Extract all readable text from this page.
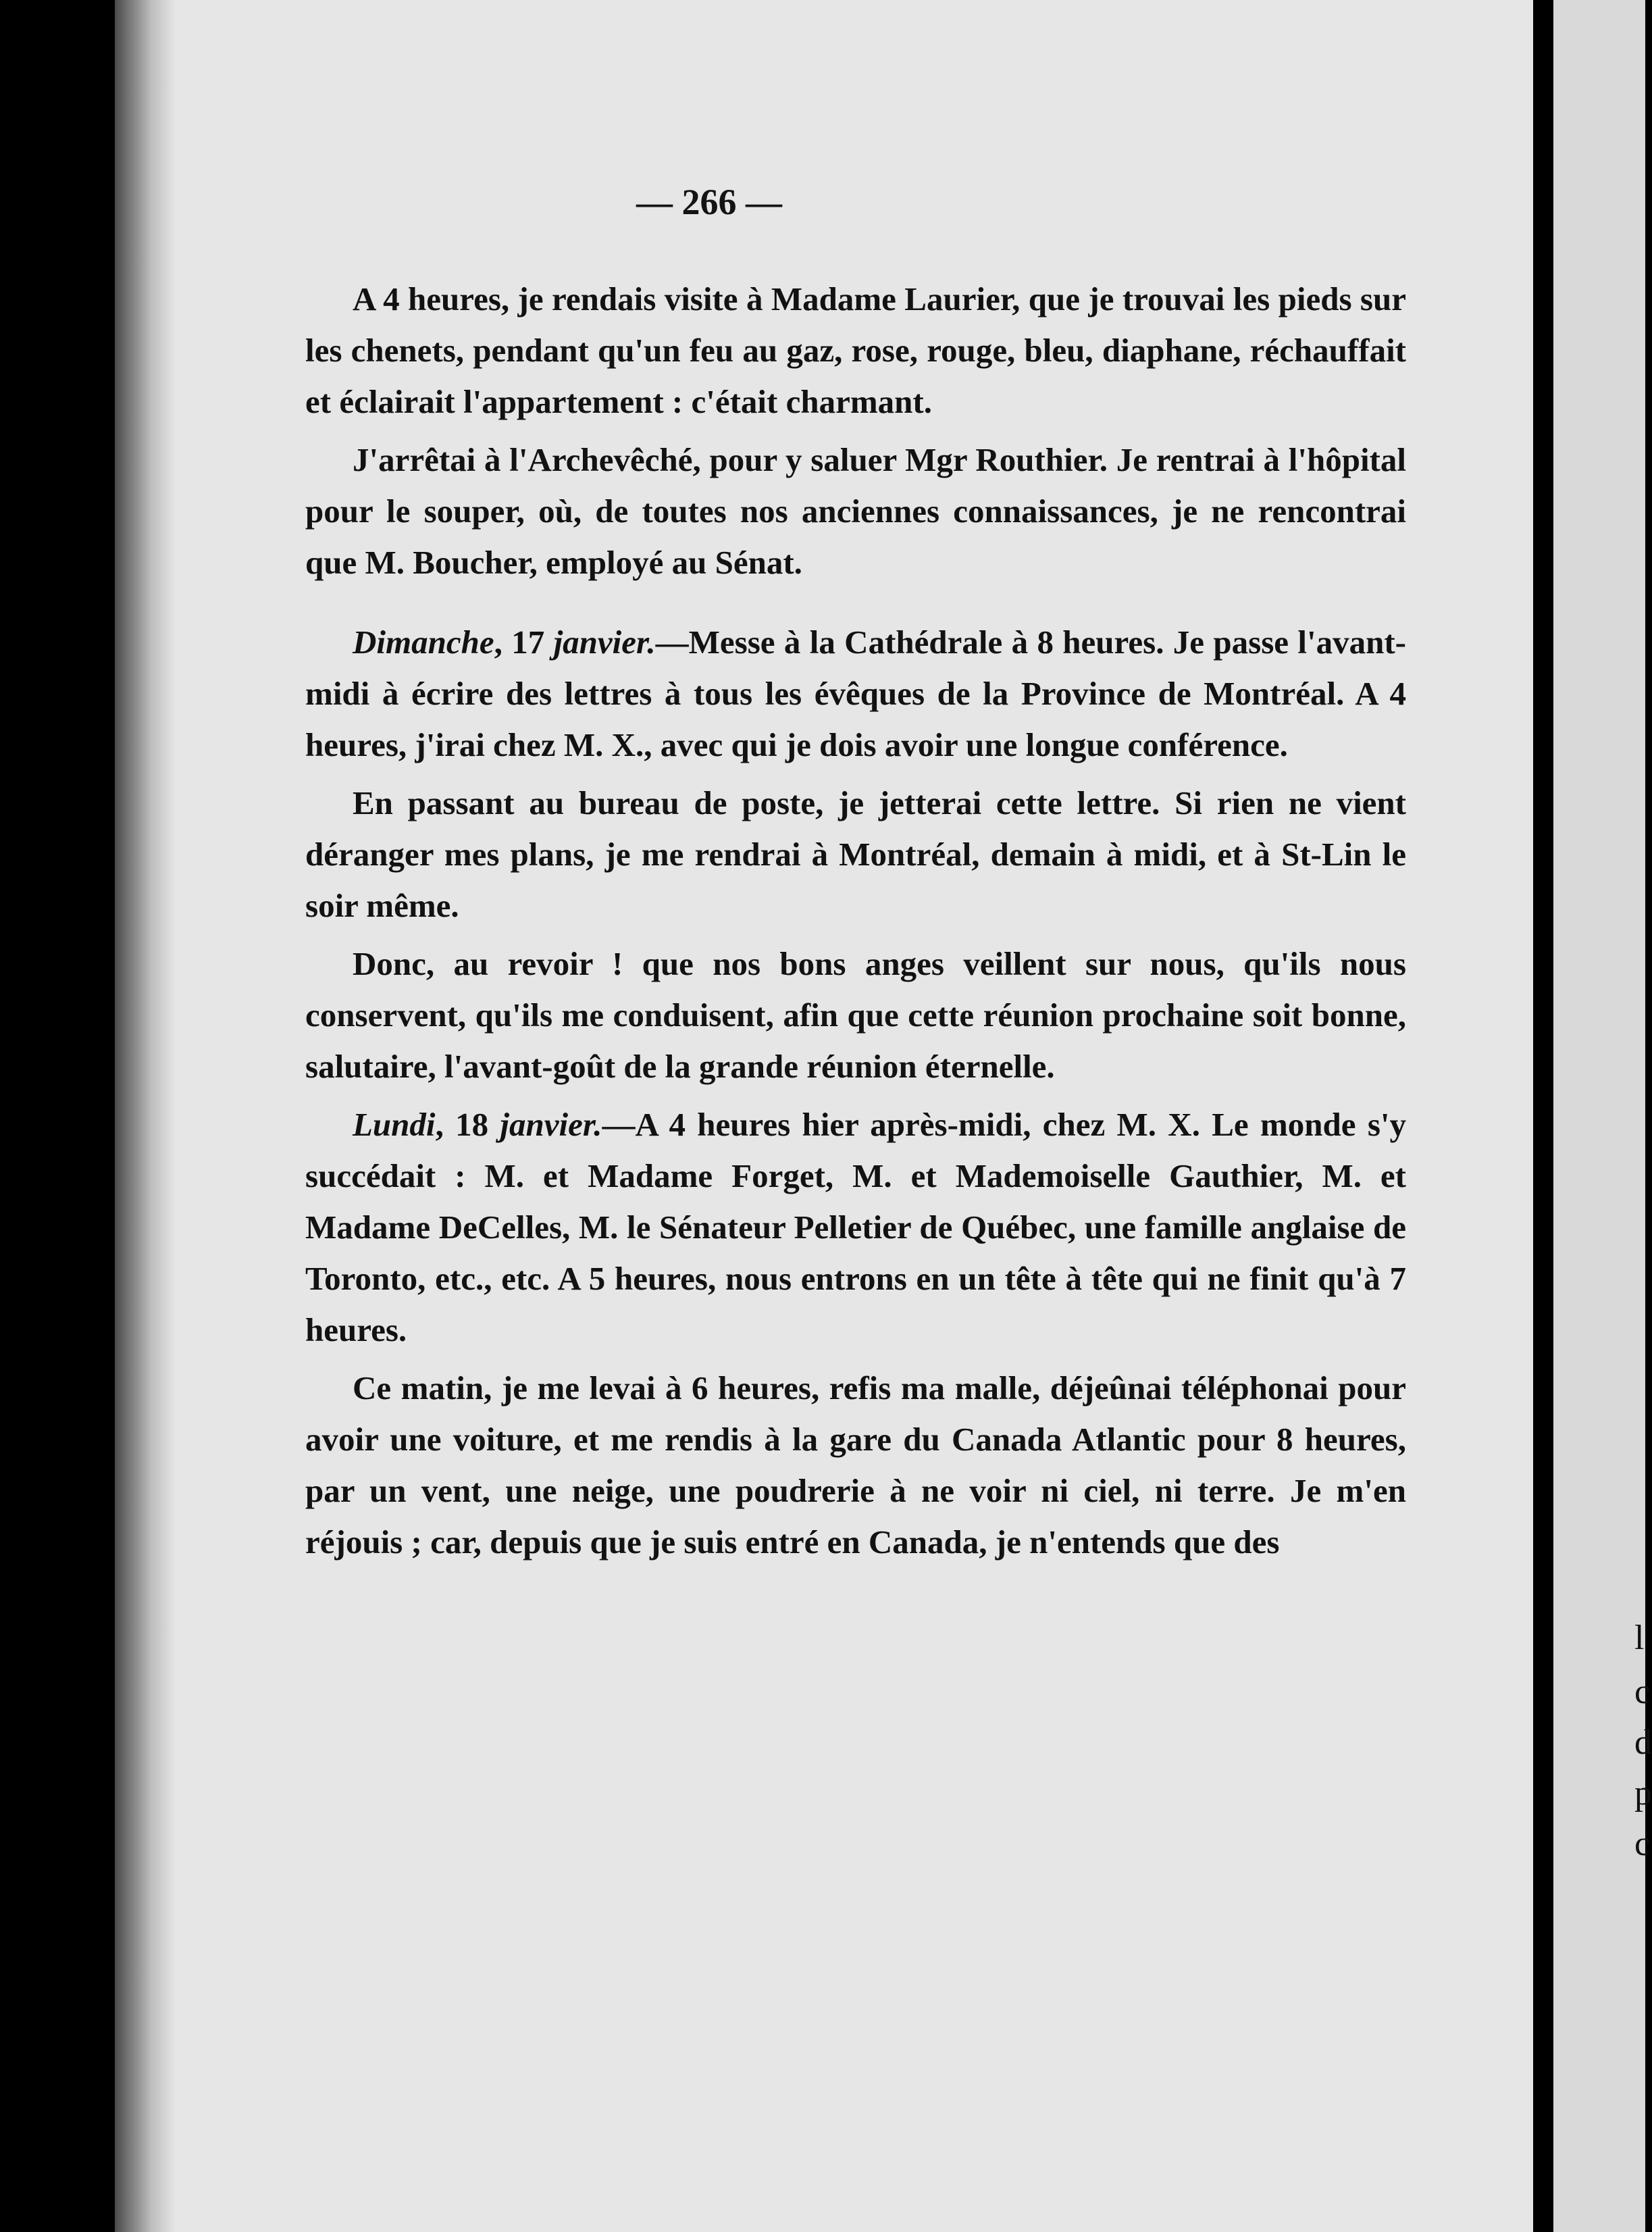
l
c
d
p
c
— 266 —

A 4 heures, je rendais visite à Madame Laurier, que je trouvai les pieds sur les chenets, pendant qu'un feu au gaz, rose, rouge, bleu, diaphane, réchauffait et éclairait l'appartement : c'était charmant.

J'arrêtai à l'Archevêché, pour y saluer Mgr Routhier. Je rentrai à l'hôpital pour le souper, où, de toutes nos anciennes connaissances, je ne rencontrai que M. Boucher, employé au Sénat.

Dimanche, 17 janvier.—Messe à la Cathédrale à 8 heures. Je passe l'avant-midi à écrire des lettres à tous les évêques de la Province de Montréal. A 4 heures, j'irai chez M. X., avec qui je dois avoir une longue conférence.

En passant au bureau de poste, je jetterai cette lettre. Si rien ne vient déranger mes plans, je me rendrai à Montréal, demain à midi, et à St-Lin le soir même.

Donc, au revoir ! que nos bons anges veillent sur nous, qu'ils nous conservent, qu'ils me conduisent, afin que cette réunion prochaine soit bonne, salutaire, l'avant-goût de la grande réunion éternelle.

Lundi, 18 janvier.—A 4 heures hier après-midi, chez M. X. Le monde s'y succédait : M. et Madame Forget, M. et Mademoiselle Gauthier, M. et Madame DeCelles, M. le Sénateur Pelletier de Québec, une famille anglaise de Toronto, etc., etc. A 5 heures, nous entrons en un tête à tête qui ne finit qu'à 7 heures.

Ce matin, je me levai à 6 heures, refis ma malle, déjeûnai téléphonai pour avoir une voiture, et me rendis à la gare du Canada Atlantic pour 8 heures, par un vent, une neige, une poudrerie à ne voir ni ciel, ni terre. Je m'en réjouis ; car, depuis que je suis entré en Canada, je n'entends que des
